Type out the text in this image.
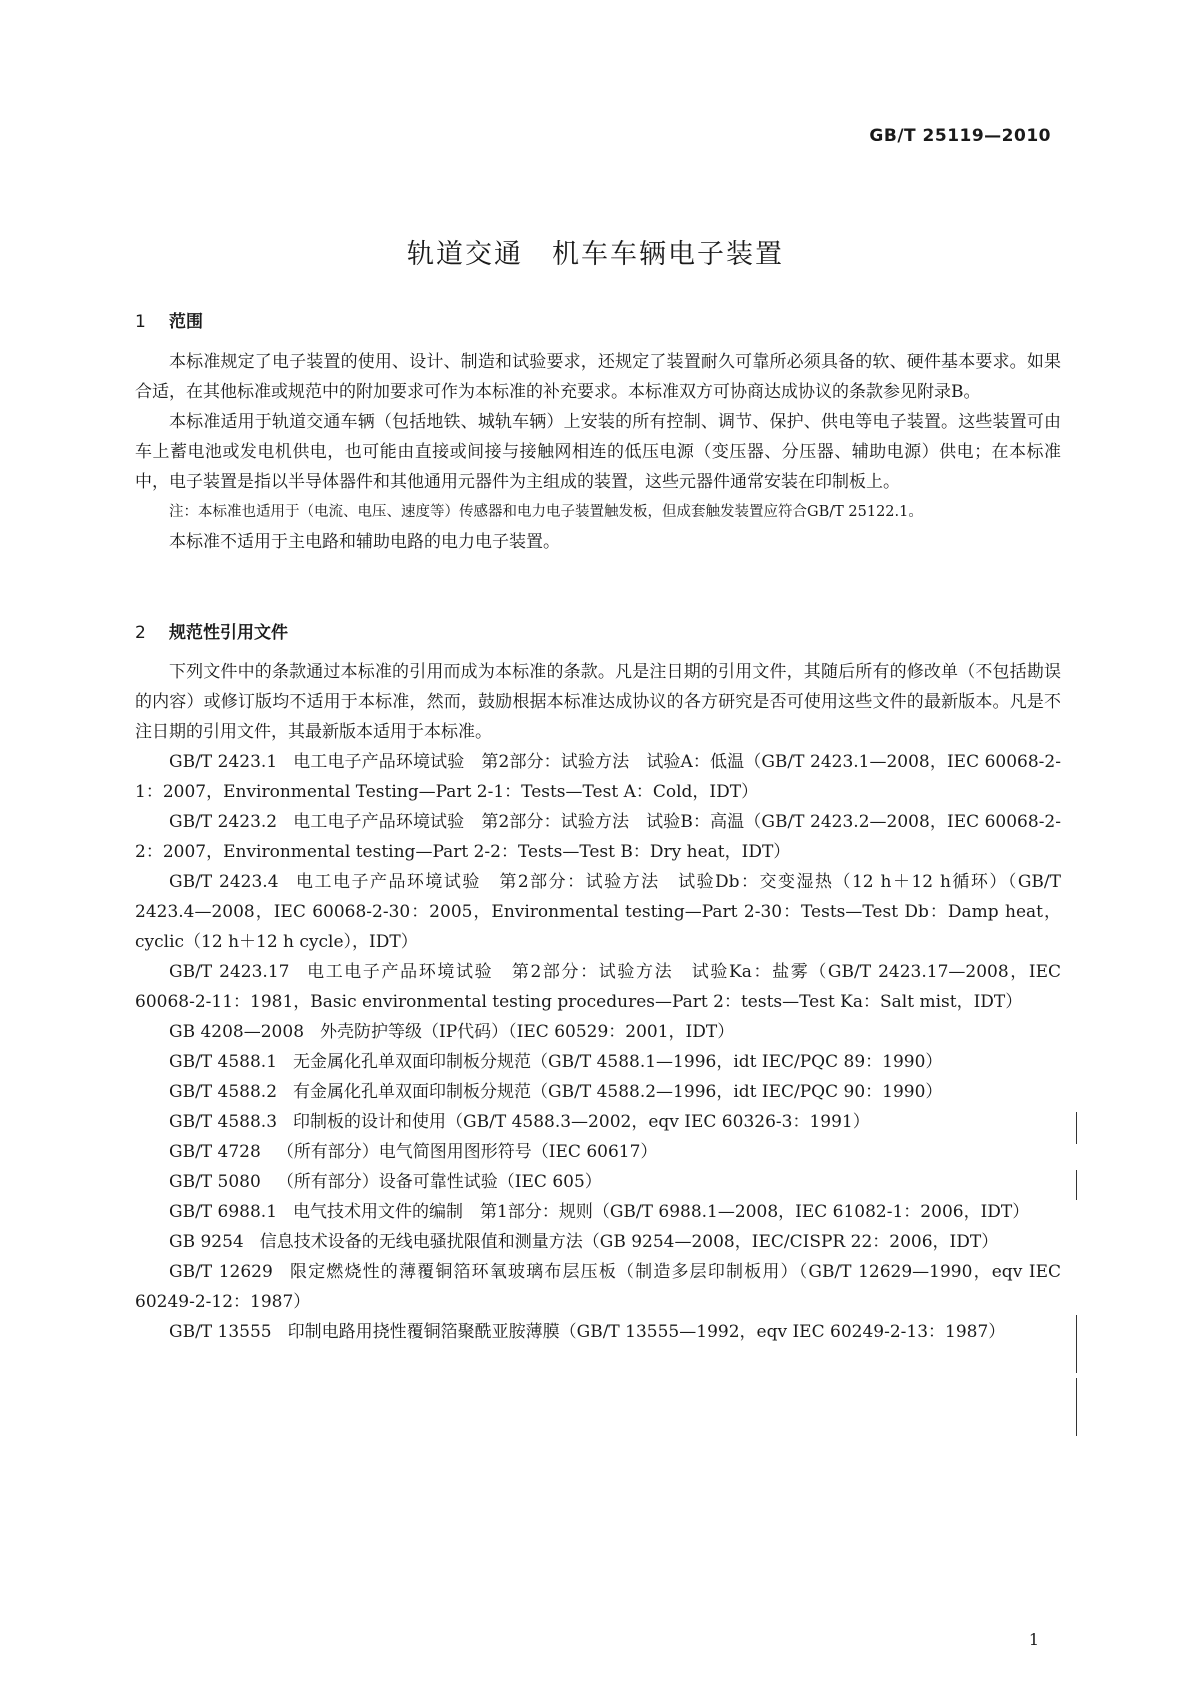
GB/T 25119—2010
轨道交通　机车车辆电子装置
1 范围

本标准规定了电子装置的使用、设计、制造和试验要求，还规定了装置耐久可靠所必须具备的软、硬件基本要求。如果合适，在其他标准或规范中的附加要求可作为本标准的补充要求。本标准双方可协商达成协议的条款参见附录B。

本标准适用于轨道交通车辆（包括地铁、城轨车辆）上安装的所有控制、调节、保护、供电等电子装置。这些装置可由车上蓄电池或发电机供电，也可能由直接或间接与接触网相连的低压电源（变压器、分压器、辅助电源）供电；在本标准中，电子装置是指以半导体器件和其他通用元器件为主组成的装置，这些元器件通常安装在印制板上。

注：本标准也适用于（电流、电压、速度等）传感器和电力电子装置触发板，但成套触发装置应符合GB/T 25122.1。

本标准不适用于主电路和辅助电路的电力电子装置。

2 规范性引用文件

下列文件中的条款通过本标准的引用而成为本标准的条款。凡是注日期的引用文件，其随后所有的修改单（不包括勘误的内容）或修订版均不适用于本标准，然而，鼓励根据本标准达成协议的各方研究是否可使用这些文件的最新版本。凡是不注日期的引用文件，其最新版本适用于本标准。

GB/T 2423.1 电工电子产品环境试验　第2部分：试验方法　试验A：低温（GB/T 2423.1—2008，IEC 60068-2-1：2007，Environmental Testing—Part 2-1：Tests—Test A：Cold，IDT）

GB/T 2423.2 电工电子产品环境试验　第2部分：试验方法　试验B：高温（GB/T 2423.2—2008，IEC 60068-2-2：2007，Environmental testing—Part 2-2：Tests—Test B：Dry heat，IDT）

GB/T 2423.4 电工电子产品环境试验　第2部分：试验方法　试验Db：交变湿热（12 h＋12 h循环）（GB/T 2423.4—2008，IEC 60068-2-30：2005，Environmental testing—Part 2-30：Tests—Test Db：Damp heat，cyclic（12 h＋12 h cycle），IDT）

GB/T 2423.17 电工电子产品环境试验　第2部分：试验方法　试验Ka：盐雾（GB/T 2423.17—2008，IEC 60068-2-11：1981，Basic environmental testing procedures—Part 2：tests—Test Ka：Salt mist，IDT）

GB 4208—2008 外壳防护等级（IP代码）（IEC 60529：2001，IDT）

GB/T 4588.1 无金属化孔单双面印制板分规范（GB/T 4588.1—1996，idt IEC/PQC 89：1990）

GB/T 4588.2 有金属化孔单双面印制板分规范（GB/T 4588.2—1996，idt IEC/PQC 90：1990）

GB/T 4588.3 印制板的设计和使用（GB/T 4588.3—2002，eqv IEC 60326-3：1991）

GB/T 4728 （所有部分）电气简图用图形符号（IEC 60617）

GB/T 5080 （所有部分）设备可靠性试验（IEC 605）

GB/T 6988.1 电气技术用文件的编制　第1部分：规则（GB/T 6988.1—2008，IEC 61082-1：2006，IDT）

GB 9254 信息技术设备的无线电骚扰限值和测量方法（GB 9254—2008，IEC/CISPR 22：2006，IDT）

GB/T 12629 限定燃烧性的薄覆铜箔环氧玻璃布层压板（制造多层印制板用）（GB/T 12629—1990，eqv IEC 60249-2-12：1987）

GB/T 13555 印制电路用挠性覆铜箔聚酰亚胺薄膜（GB/T 13555—1992，eqv IEC 60249-2-13：1987）

1
